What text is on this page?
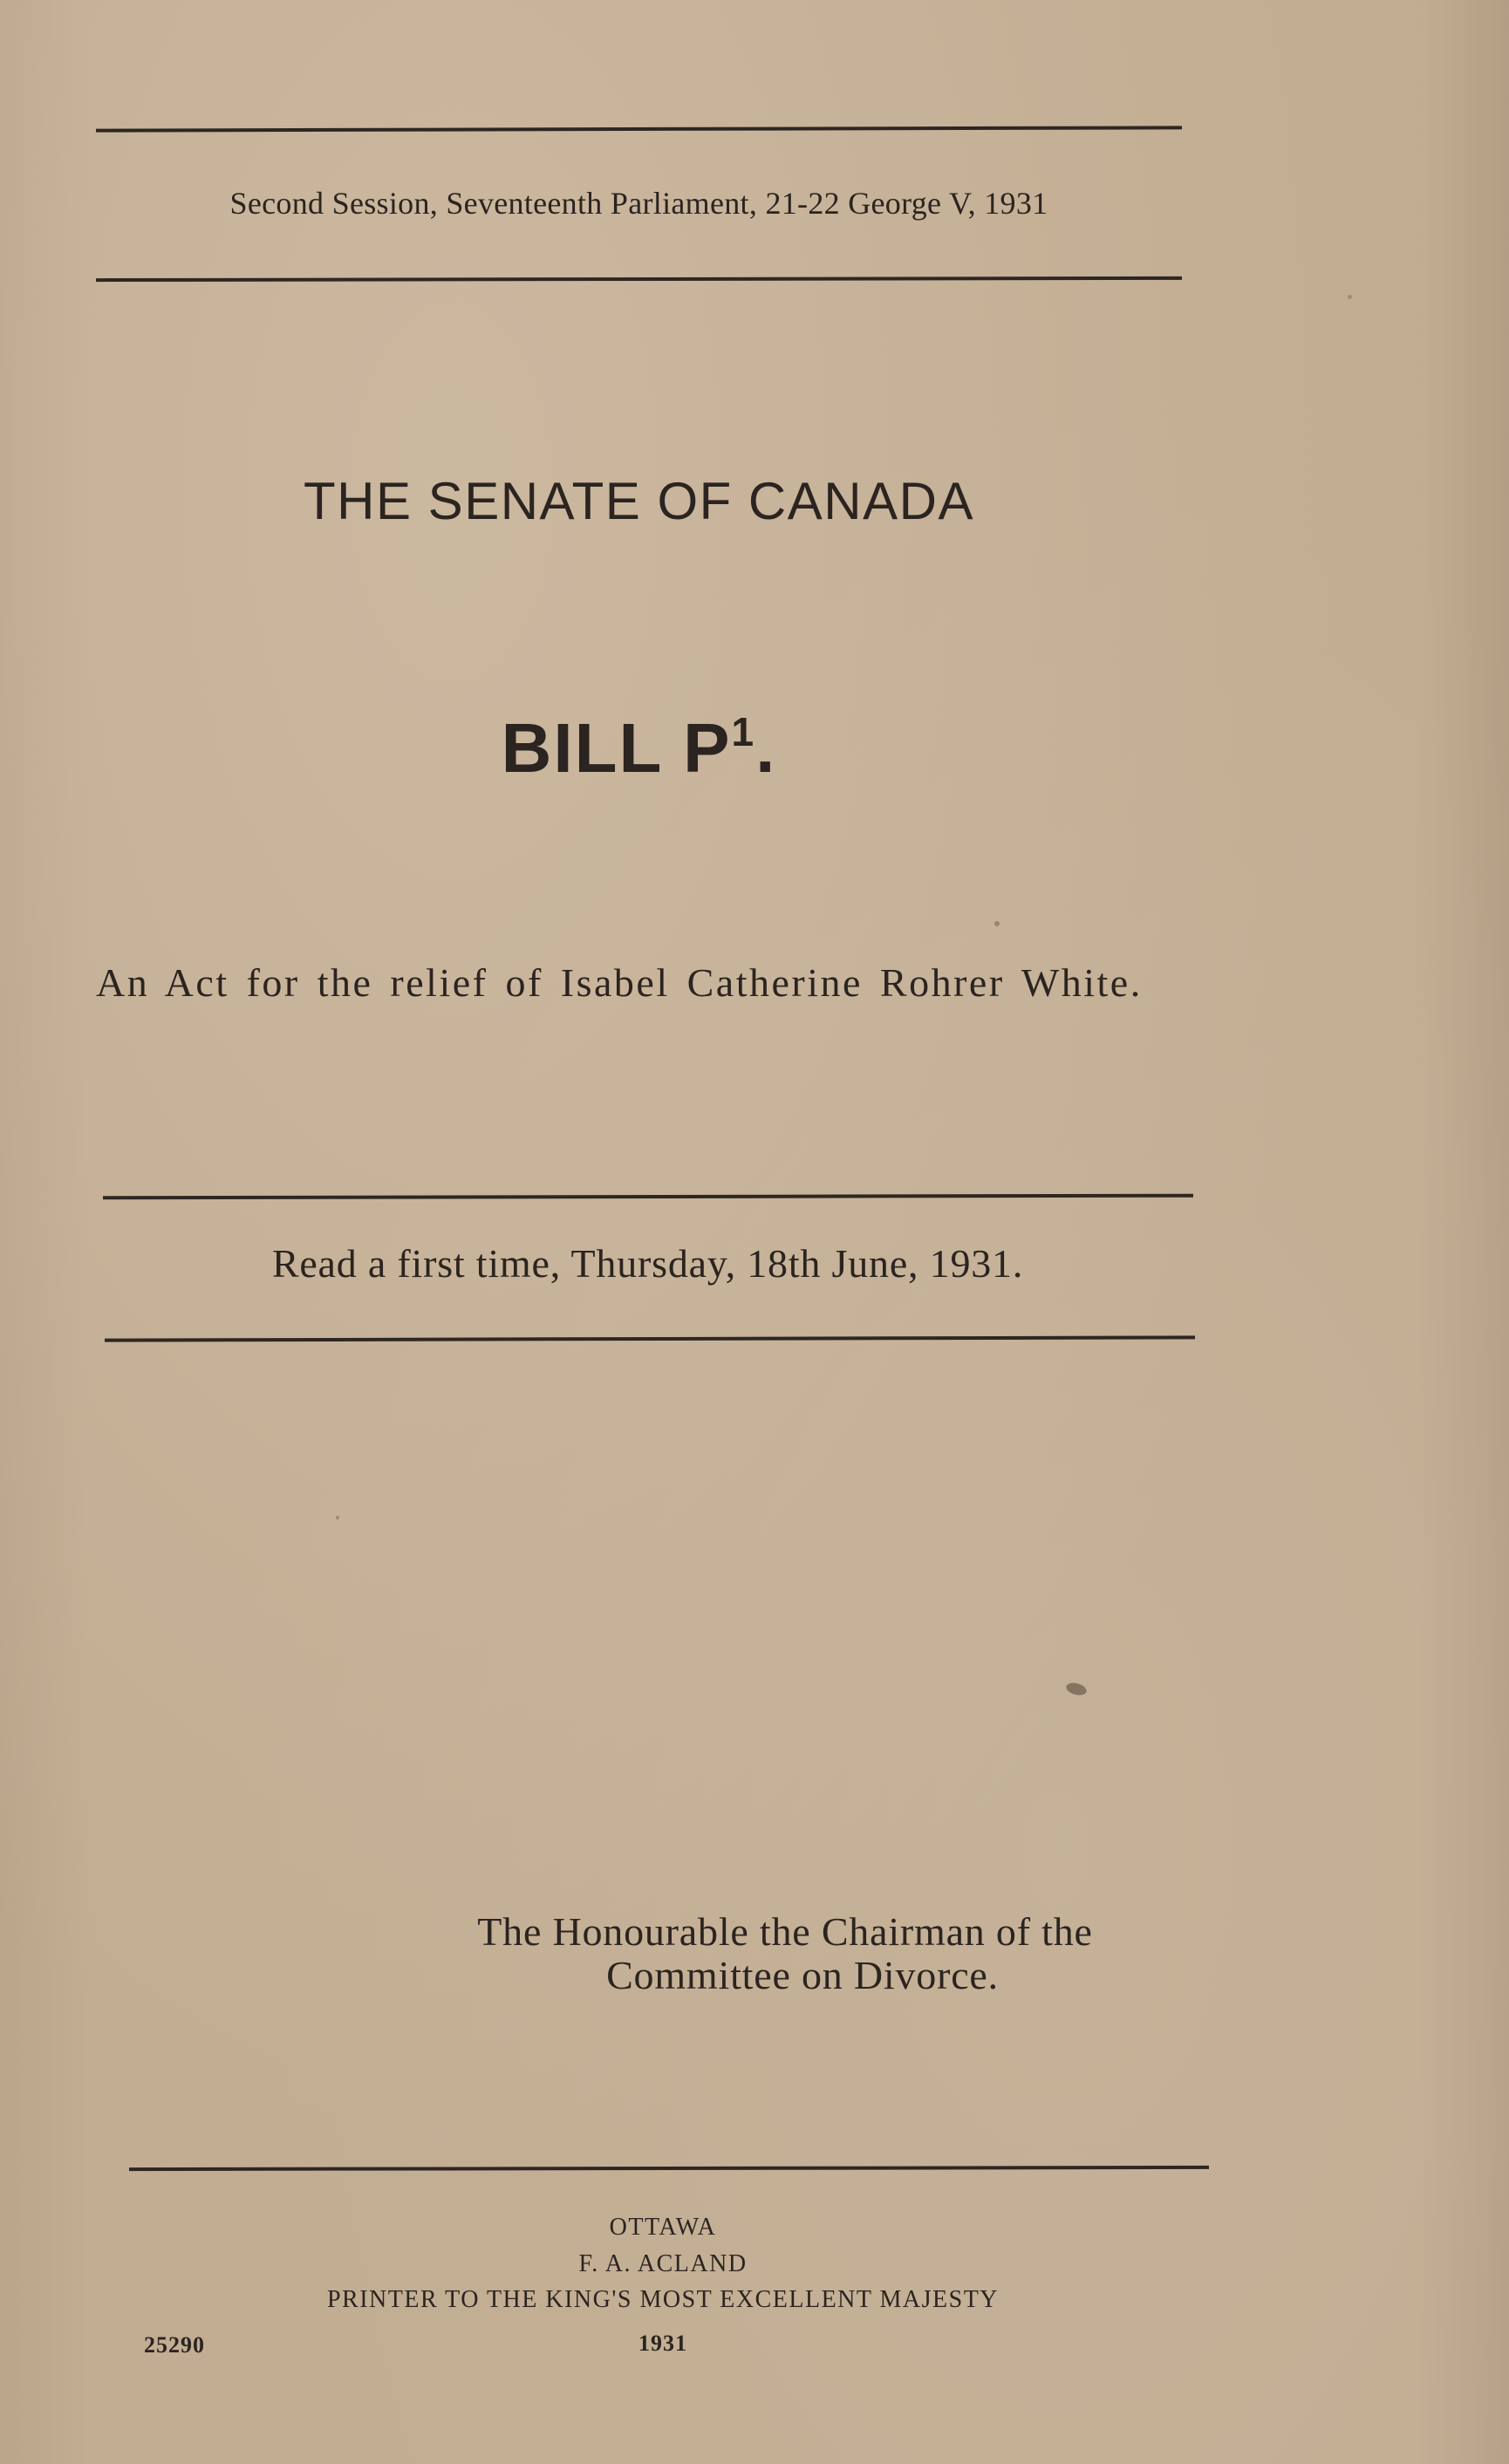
Second Session, Seventeenth Parliament, 21-22 George V, 1931
THE SENATE OF CANADA
BILL $P^1$.
An Act for the relief of Isabel Catherine Rohrer White.
Read a first time, Thursday, 18th June, 1931.
The Honourable the Chairman of the
Committee on Divorce.
OTTAWA
F. A. ACLAND
PRINTER TO THE KING'S MOST EXCELLENT MAJESTY
1931
25290
